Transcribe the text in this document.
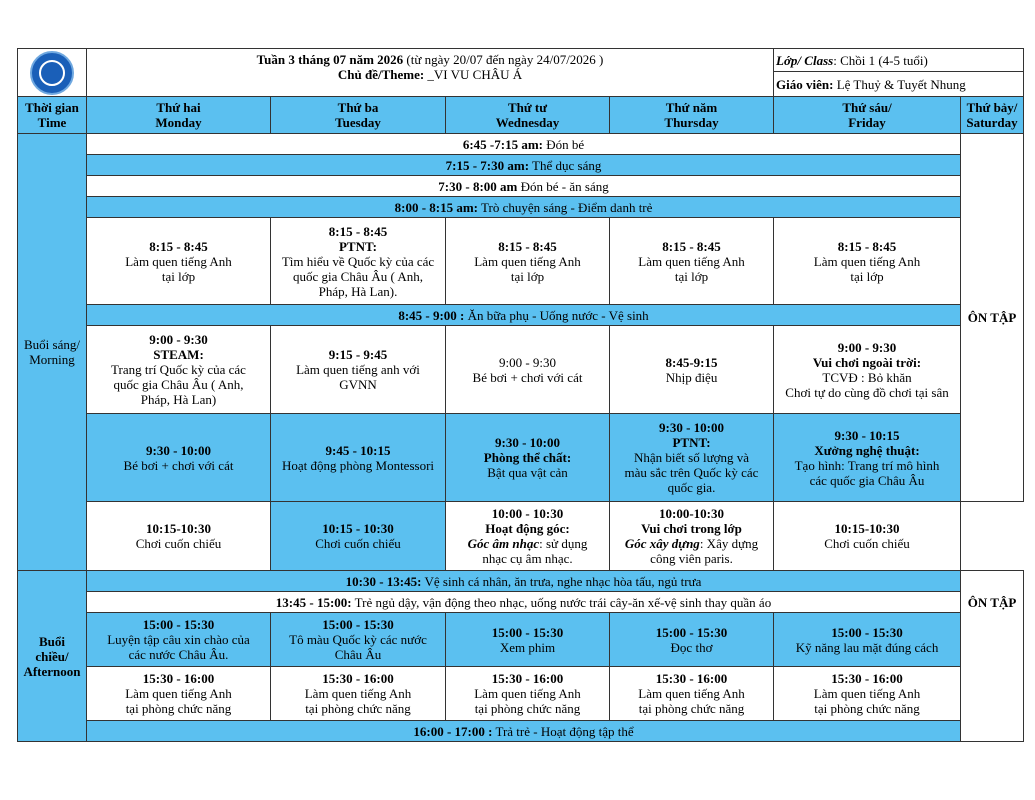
	Tuần 3 tháng 07 năm 2026 (từ ngày 20/07 đến ngày 24/07/2026 )
Chủ đề/Theme: _VI VU CHÂU Á				Lớp/ Class: Chồi 1 (4-5 tuổi)	
					Giáo viên: Lệ Thuỷ & Tuyết Nhung	

Thời gian
Time	Thứ hai
Monday	Thứ ba
Tuesday	Thứ tư
Wednesday	Thứ năm
Thursday	Thứ sáu/
Friday	Thứ bảy/
Saturday

Buổi sáng/
Morning	6:45 -7:15 am: Đón bé					ÔN TẬP
	7:15 - 7:30 am: Thể dục sáng					
	7:30 - 8:00 am Đón bé - ăn sáng					
	8:00 - 8:15 am: Trò chuyện sáng - Điểm danh trẻ					

	8:15 - 8:45
Làm quen tiếng Anh
tại lớp	8:15 - 8:45
PTNT:
Tìm hiểu về Quốc kỳ của các
quốc gia Châu Âu ( Anh,
Pháp, Hà Lan).	8:15 - 8:45
Làm quen tiếng Anh
tại lớp	8:15 - 8:45
Làm quen tiếng Anh
tại lớp	8:15 - 8:45
Làm quen tiếng Anh
tại lớp	

	8:45 - 9:00 : Ăn bữa phụ - Uống nước - Vệ sinh					

	9:00 - 9:30
STEAM:
Trang trí Quốc kỳ của các
quốc gia Châu Âu ( Anh,
Pháp, Hà Lan)	9:15 - 9:45
Làm quen tiếng anh với
GVNN	9:00 - 9:30
Bé bơi + chơi với cát	8:45-9:15
Nhịp điệu	9:00 - 9:30
Vui chơi ngoài trời:
TCVĐ : Bỏ khăn
Chơi tự do cùng đồ chơi tại sân	

	9:30 - 10:00
Bé bơi + chơi với cát	9:45 - 10:15
Hoạt động phòng Montessori	9:30 - 10:00
Phòng thể chất:
Bật qua vật cản	9:30 - 10:00
PTNT:
Nhận biết số lượng và
màu sắc trên Quốc kỳ các
quốc gia.	9:30 - 10:15
Xưởng nghệ thuật:
Tạo hình: Trang trí mô hình
các quốc gia Châu Âu	

	10:15-10:30
Chơi cuốn chiếu	10:15 - 10:30
Chơi cuốn chiếu	10:00 - 10:30
Hoạt động góc:
Góc âm nhạc: sử dụng
nhạc cụ âm nhạc.	10:00-10:30
Vui chơi trong lớp
Góc xây dựng: Xây dựng
công viên paris.	10:15-10:30
Chơi cuốn chiếu	

Buổi
chiều/
Afternoon	10:30 - 13:45: Vệ sinh cá nhân, ăn trưa, nghe nhạc hòa tấu, ngủ trưa					ÔN TẬP
	13:45 - 15:00: Trẻ ngủ dậy, vận động theo nhạc, uống nước trái cây-ăn xế-vệ sinh thay quần áo					

	15:00 - 15:30
Luyện tập câu xin chào của
các nước Châu Âu.	15:00 - 15:30
Tô màu Quốc kỳ các nước
Châu Âu	15:00 - 15:30
Xem phim	15:00 - 15:30
Đọc thơ	15:00 - 15:30
Kỹ năng lau mặt đúng cách	

	15:30 - 16:00
Làm quen tiếng Anh
tại phòng chức năng	15:30 - 16:00
Làm quen tiếng Anh
tại phòng chức năng	15:30 - 16:00
Làm quen tiếng Anh
tại phòng chức năng	15:30 - 16:00
Làm quen tiếng Anh
tại phòng chức năng	15:30 - 16:00
Làm quen tiếng Anh
tại phòng chức năng	

	16:00 - 17:00 : Trả trẻ - Hoạt động tập thể					
